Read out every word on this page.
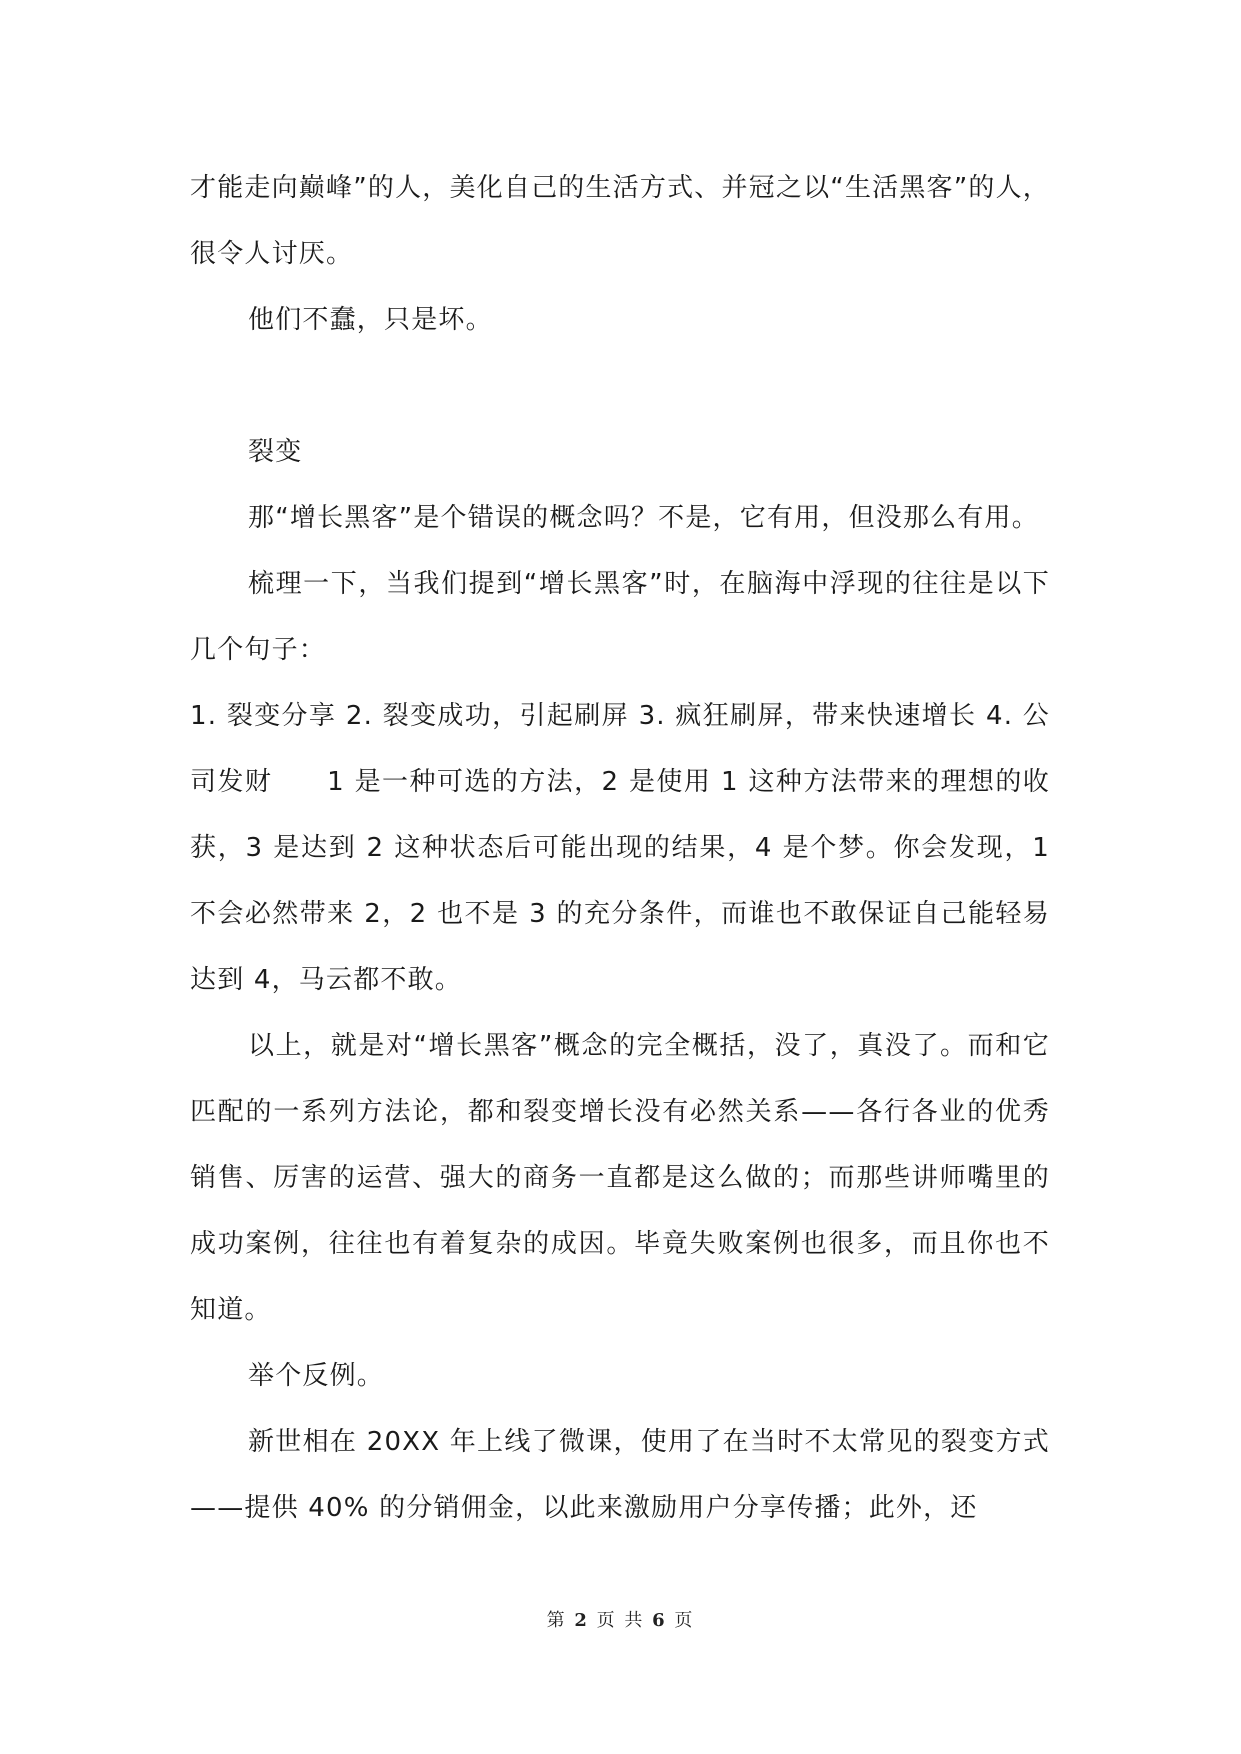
才能走向巅峰”的人，美化自己的生活方式、并冠之以“生活黑客”的人，很令人讨厌。

他们不蠢，只是坏。

裂变

那“增长黑客”是个错误的概念吗？不是，它有用，但没那么有用。

梳理一下，当我们提到“增长黑客”时，在脑海中浮现的往往是以下几个句子：

1. 裂变分享 2. 裂变成功，引起刷屏 3. 疯狂刷屏，带来快速增长 4. 公司发财　　1 是一种可选的方法，2 是使用 1 这种方法带来的理想的收获，3 是达到 2 这种状态后可能出现的结果，4 是个梦。你会发现，1 不会必然带来 2，2 也不是 3 的充分条件，而谁也不敢保证自己能轻易达到 4，马云都不敢。

以上，就是对“增长黑客”概念的完全概括，没了，真没了。而和它匹配的一系列方法论，都和裂变增长没有必然关系——各行各业的优秀销售、厉害的运营、强大的商务一直都是这么做的；而那些讲师嘴里的成功案例，往往也有着复杂的成因。毕竟失败案例也很多，而且你也不知道。

举个反例。

新世相在 20XX 年上线了微课，使用了在当时不太常见的裂变方式——提供 40% 的分销佣金，以此来激励用户分享传播；此外，还

第 2 页 共 6 页
